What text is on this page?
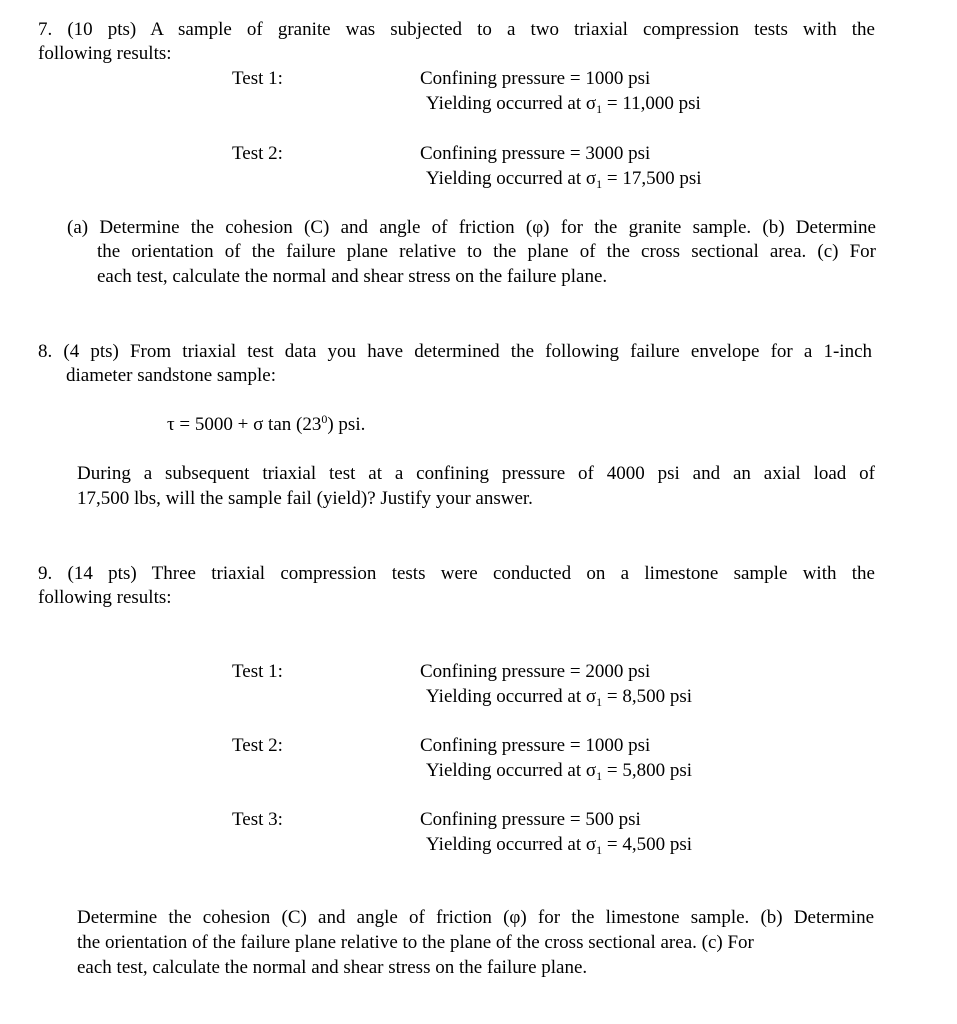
7. (10 pts) A sample of granite was subjected to a two triaxial compression tests with the
following results:
Test 1:	Confining pressure = 1000 psi
Yielding occurred at $\sigma_1 = 11,000$ psi
Test 2:	Confining pressure = 3000 psi
Yielding occurred at $\sigma_1 = 17,500$ psi
(a) Determine the cohesion (C) and angle of friction (φ) for the granite sample. (b) Determine
the orientation of the failure plane relative to the plane of the cross sectional area. (c) For
each test, calculate the normal and shear stress on the failure plane.
8. (4 pts) From triaxial test data you have determined the following failure envelope for a 1-inch
diameter sandstone sample:
τ = 5000 + σ $\tan (23^0)$ psi.
During a subsequent triaxial test at a confining pressure of 4000 psi and an axial load of
17,500 lbs, will the sample fail (yield)? Justify your answer.
9. (14 pts) Three triaxial compression tests were conducted on a limestone sample with the
following results:
Test 1:	Confining pressure = 2000 psi
Yielding occurred at $\sigma_1 = 8,500$ psi
Test 2:	Confining pressure = 1000 psi
Yielding occurred at $\sigma_1 = 5,800$ psi
Test 3:	Confining pressure = 500 psi
Yielding occurred at $\sigma_1 = 4,500$ psi
Determine the cohesion (C) and angle of friction (φ) for the limestone sample. (b) Determine
the orientation of the failure plane relative to the plane of the cross sectional area. (c) For
each test, calculate the normal and shear stress on the failure plane.
